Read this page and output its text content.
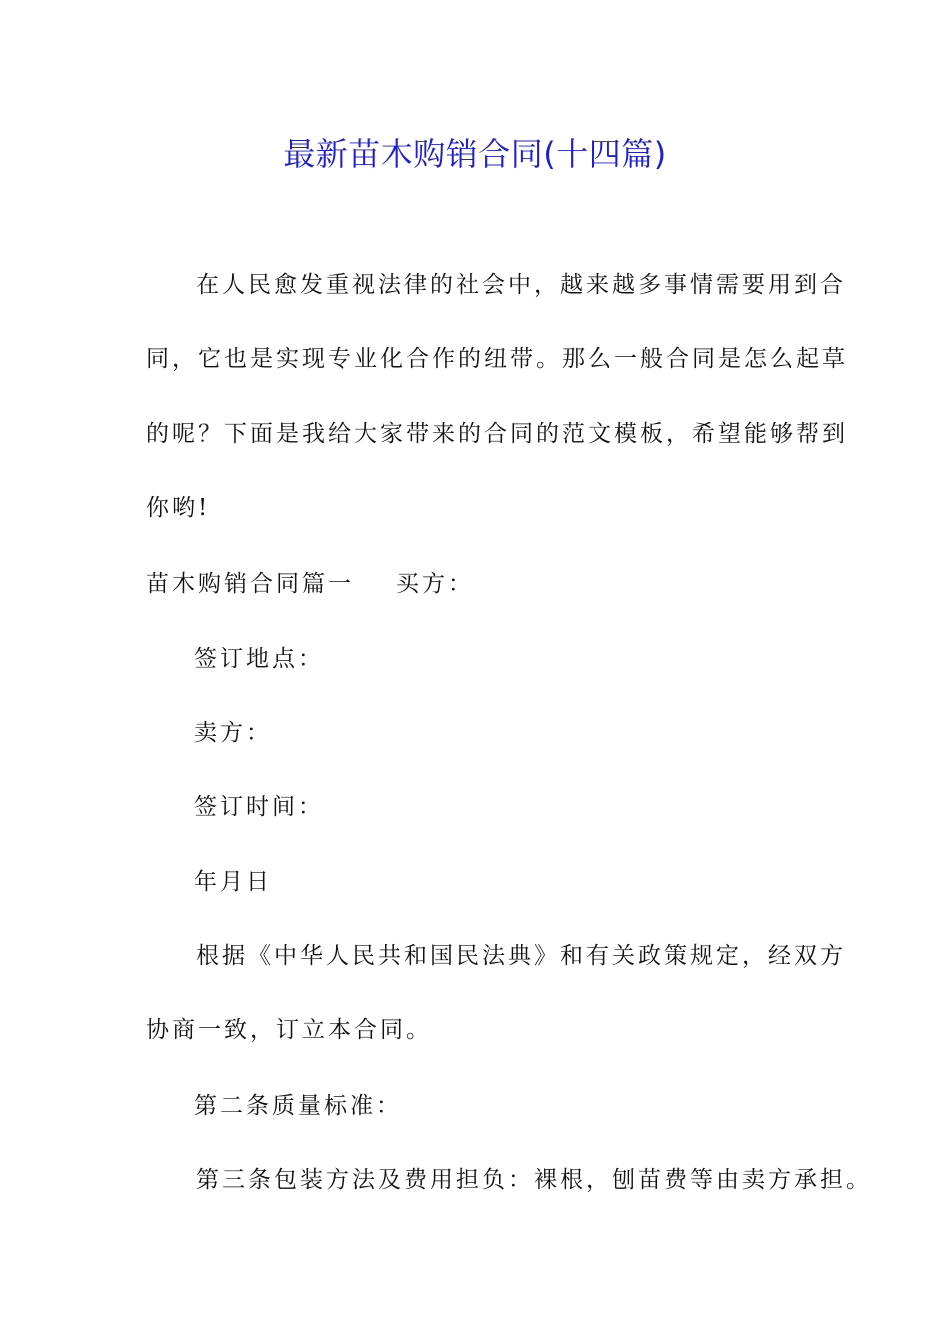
最新苗木购销合同(十四篇)
在人民愈发重视法律的社会中，越来越多事情需要用到合
同，它也是实现专业化合作的纽带。那么一般合同是怎么起草
的呢？下面是我给大家带来的合同的范文模板，希望能够帮到
你哟!
苗木购销合同篇一 买方：
签订地点：
卖方：
签订时间：
年月日
根据《中华人民共和国民法典》和有关政策规定，经双方
协商一致，订立本合同。
第二条质量标准：
第三条包装方法及费用担负：裸根，刨苗费等由卖方承担。
